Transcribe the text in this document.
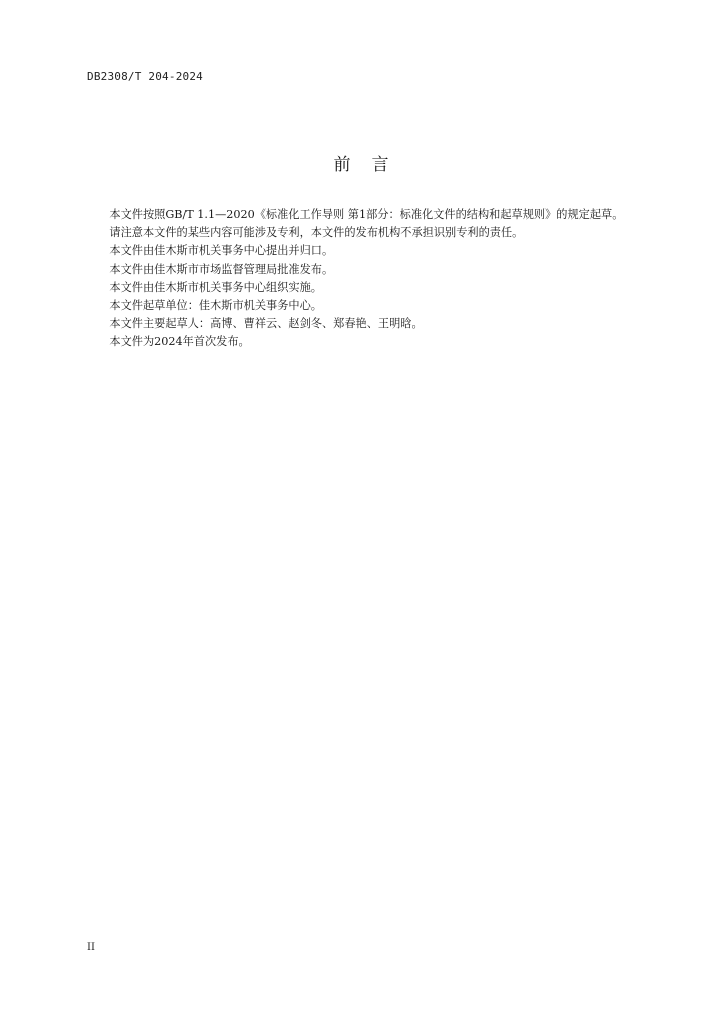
DB2308/T 204-2024
前　言

本文件按照GB/T 1.1—2020《标准化工作导则 第1部分：标准化文件的结构和起草规则》的规定起草。

请注意本文件的某些内容可能涉及专利，本文件的发布机构不承担识别专利的责任。

本文件由佳木斯市机关事务中心提出并归口。

本文件由佳木斯市市场监督管理局批准发布。

本文件由佳木斯市机关事务中心组织实施。

本文件起草单位：佳木斯市机关事务中心。

本文件主要起草人：高博、曹祥云、赵剑冬、郑春艳、王明晗。

本文件为2024年首次发布。

II
